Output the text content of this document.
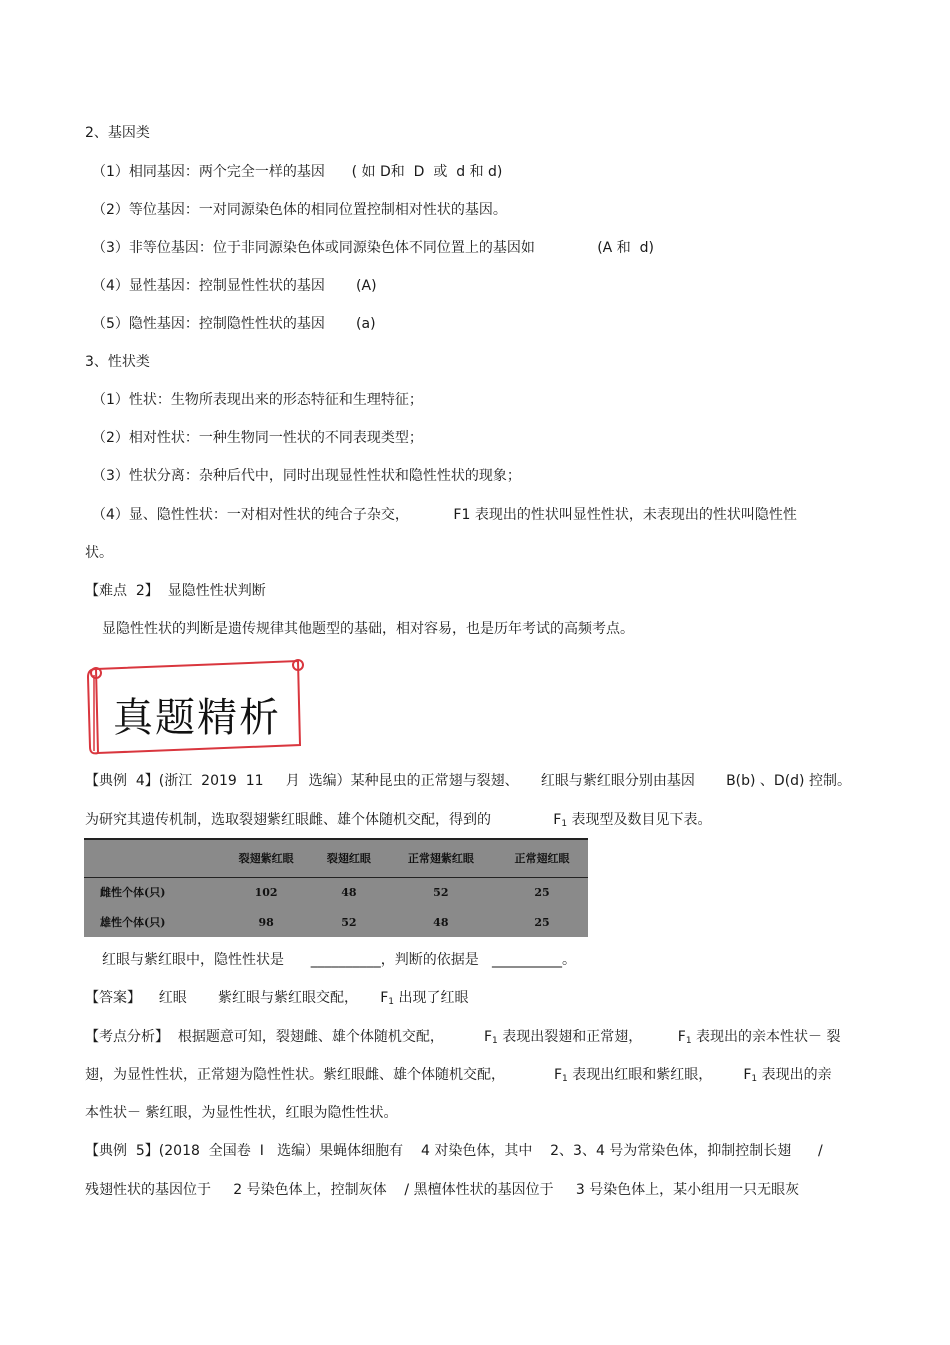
2、基因类
（1）相同基因：两个完全一样的基因      ( 如 D和  D  或  d 和 d)
（2）等位基因：一对同源染色体的相同位置控制相对性状的基因。
（3）非等位基因：位于非同源染色体或同源染色体不同位置上的基因如              (A 和  d)
（4）显性基因：控制显性性状的基因       (A)
（5）隐性基因：控制隐性性状的基因       (a)
3、性状类
（1）性状：生物所表现出来的形态特征和生理特征；
（2）相对性状：一种生物同一性状的不同表现类型；
（3）性状分离：杂种后代中，同时出现显性性状和隐性性状的现象；
（4）显、隐性性状：一对相对性状的纯合子杂交，          F1 表现出的性状叫显性性状，未表现出的性状叫隐性性
状。
【难点  2】  显隐性性状判断
显隐性性状的判断是遗传规律其他题型的基础，相对容易，也是历年考试的高频考点。
真题精析
【典例  4】(浙江  2019  11     月  选编）某种昆虫的正常翅与裂翅、     红眼与紫红眼分别由基因       B(b) 、D(d) 控制。
为研究其遗传机制，选取裂翅紫红眼雌、雄个体随机交配，得到的              $F_1$ 表现型及数目见下表。
	裂翅紫红眼	裂翅红眼	正常翅紫红眼	正常翅红眼
雌性个体(只)	102	48	52	25
雄性个体(只)	98	52	48	25
红眼与紫红眼中，隐性性状是      __________，判断的依据是   __________。
【答案】    红眼       紫红眼与紫红眼交配，     $F_1$ 出现了红眼
【考点分析】  根据题意可知，裂翅雌、雄个体随机交配，         $F_1$ 表现出裂翅和正常翅，        $F_1$ 表现出的亲本性状－ 裂
翅，为显性性状，正常翅为隐性性状。紫红眼雌、雄个体随机交配，           $F_1$ 表现出红眼和紫红眼，       $F_1$ 表现出的亲
本性状－ 紫红眼，为显性性状，红眼为隐性性状。
【典例  5】(2018  全国卷  I   选编）果蝇体细胞有    4 对染色体，其中    2、3、4 号为常染色体，抑制控制长翅      /
残翅性状的基因位于     2 号染色体上，控制灰体    / 黑檀体性状的基因位于     3 号染色体上，某小组用一只无眼灰
